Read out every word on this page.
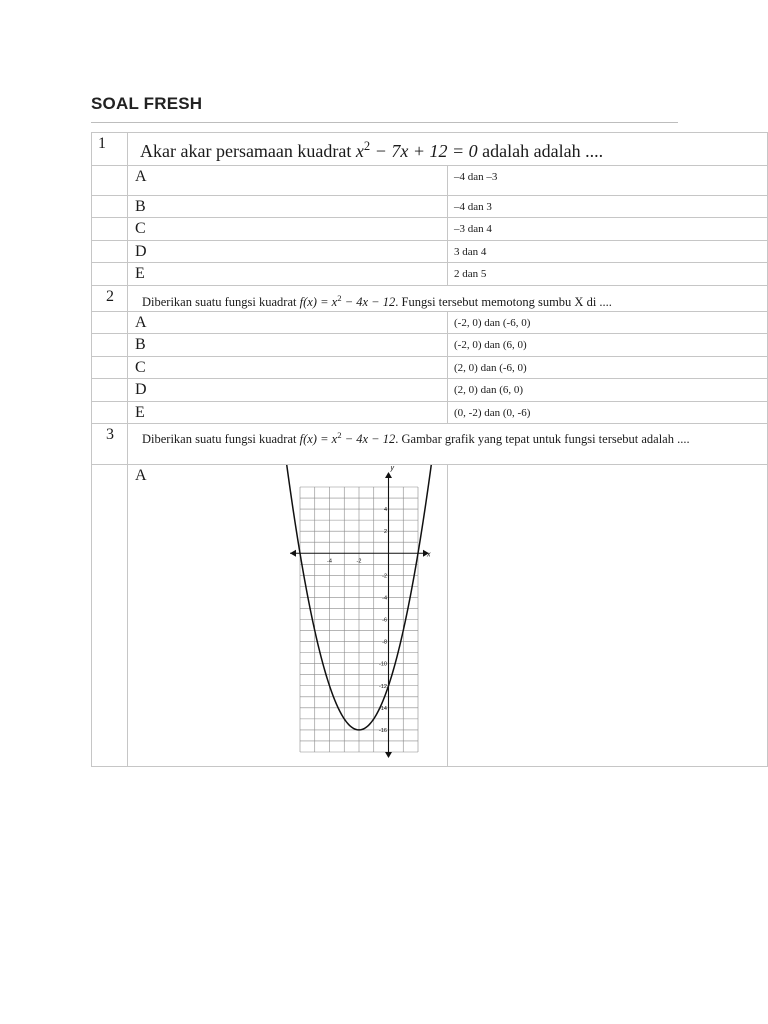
SOAL FRESH
1	Akar akar persamaan kuadrat $x^2 - 7x + 12 = 0$ adalah adalah ....	

	A	–4 dan –3

	B	–4 dan 3

	C	–3 dan 4

	D	3 dan 4

	E	2 dan 5

2	Diberikan suatu fungsi kuadrat $f(x) = x^2 - 4x - 12$. Fungsi tersebut memotong sumbu X di ....	

	A	(-2, 0) dan (-6, 0)

	B	(-2, 0) dan (6, 0)

	C	(2, 0) dan (-6, 0)

	D	(2, 0) dan (6, 0)

	E	(0, -2) dan (0, -6)

3	Diberikan suatu fungsi kuadrat $f(x) = x^2 - 4x - 12$. Gambar grafik yang tepat untuk fungsi tersebut adalah ....	

	A	

x
y
-4	-2
4
2
-2
-4
-6
-8
-10
-12
-14
-16
